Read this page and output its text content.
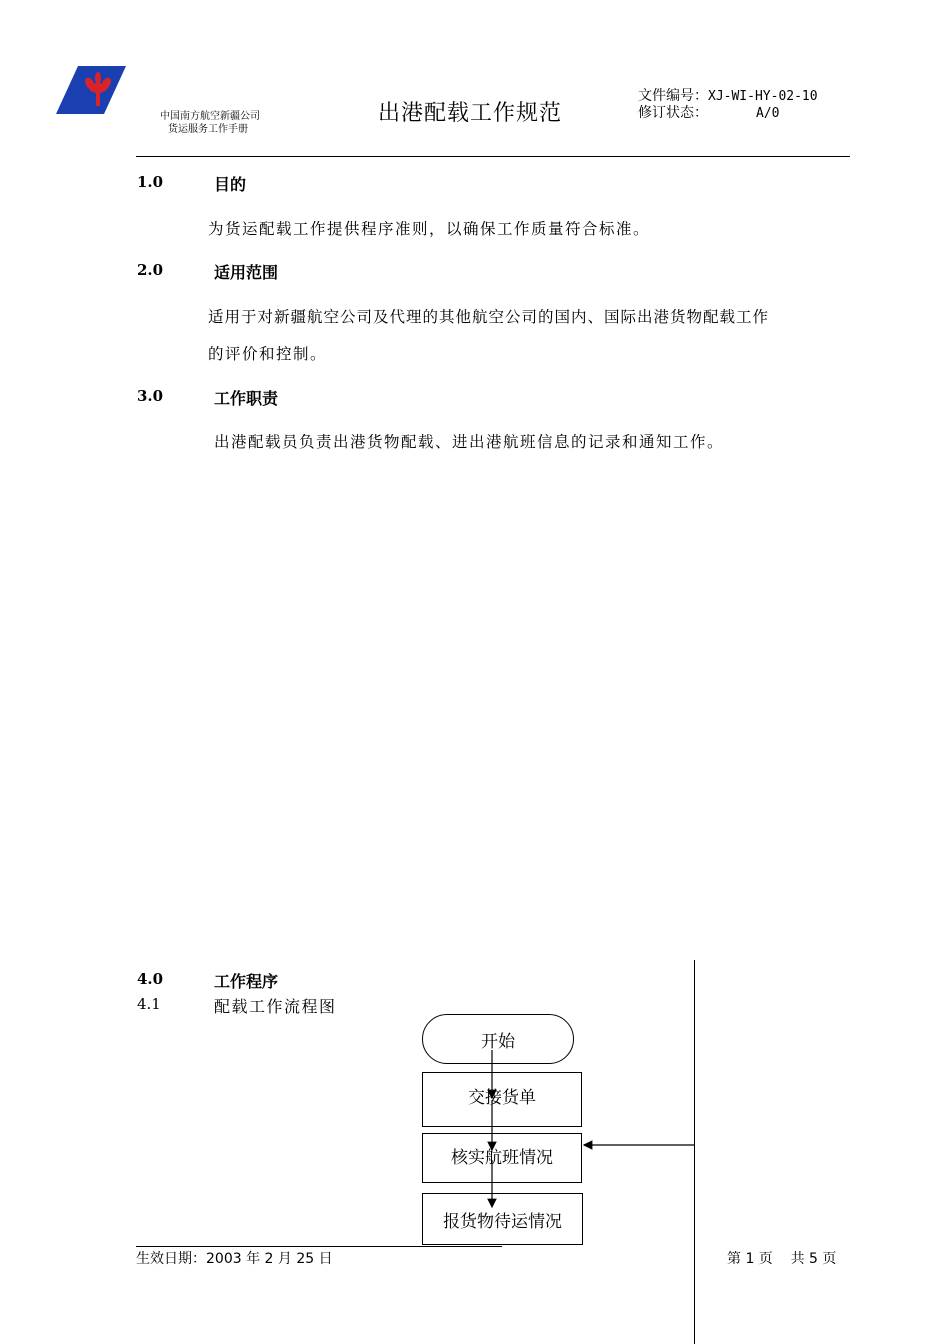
中国南方航空新疆公司
货运服务工作手册
出港配载工作规范
文件编号：XJ-WI-HY-02-10
修订状态：	A/0
1.0	目的
为货运配载工作提供程序准则，以确保工作质量符合标准。
2.0	适用范围
适用于对新疆航空公司及代理的其他航空公司的国内、国际出港货物配载工作
的评价和控制。
3.0	工作职责
出港配载员负责出港货物配载、进出港航班信息的记录和通知工作。
4.0	工作程序
4.1	配载工作流程图
开始
交接货单
核实航班情况
报货物待运情况
生效日期：2003 年 2 月 25 日	第 1 页    共 5 页
